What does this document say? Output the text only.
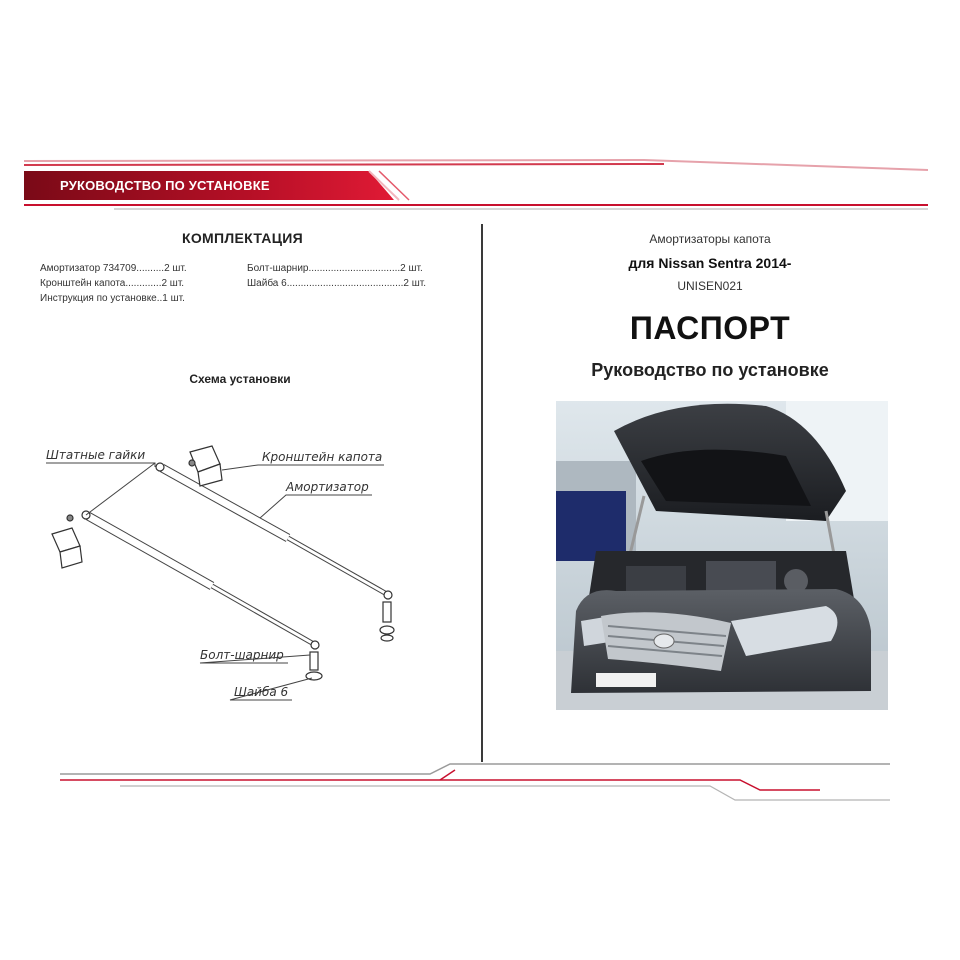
РУКОВОДСТВО ПО УСТАНОВКЕ
КОМПЛЕКТАЦИЯ
Амортизатор 734709..........2 шт.
Кронштейн капота.............2 шт.
Инструкция по установке..1 шт.
Болт-шарнир.................................2 шт.
Шайба 6..........................................2 шт.
Схема установки
Штатные гайки	Кронштейн капота
Амортизатор
Болт-шарнир
Шайба 6
Амортизаторы капота
для Nissan Sentra 2014-
UNISEN021
ПАСПОРТ
Руководство по установке
